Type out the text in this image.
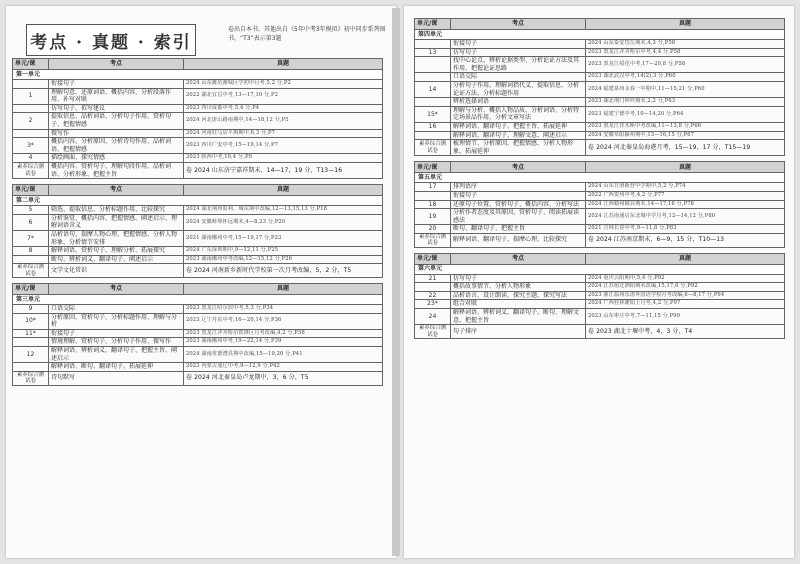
考点 · 真题 · 索引
卷出自本书，其他出自《5年中考3年模拟》初中同步系列图书。“T3”表示第3题
单元/课	考点	真题
第一单元		
	衔接句子	2024 山东潍坊潍城区学初中月考,5,2 分,P2
1	理解句意、还原词语、概括内容、分析段落作用、补写对联	2022 湖北宜昌中考,13—17,10 分,P2
	仿写句子、拟写建议	2023 四川成都中考,5,4 分,P4
2	提取信息、品析词语、分析句子作用、赏析句子、把握情感	2024 河北唐山路南期中,14—18,12 分,P5
	微写作	2024 河南驻马店平舆期中,6,3 分,P7
3*	概括内容、分析原因、分析诗句作用、品析词语、把握情感	2023 四川广安中考,15—19,14 分,P7
4	描绘画面、探究情感	2023 陕西中考,19,4 分,P9
素养综合测试卷	概括内容、赏析句子、理解句段作用、品析词语、分析形象、把握主旨	卷 2024 山东济宁嘉祥期末，14—17，19 分，T13—16

单元/课	考点	真题
第二单元		
5	筛选、提取信息、分析标题作用、比较探究	2024 湖北荆州监利、城东期中改编,12—13,15,13 分,P18
6	分析鉴赏、概括内容、把握情感、阐述启示、理解词语含义	2024 安徽蚌埠怀远期末,4—8,23 分,P20
7*	品析语句、揣摩人物心理、把握情感、分析人物形象、分析情节安排	2021 湖南郴州中考,15—19,17 分,P23
8	解释词语、赏析句子、理解分析、拓展探究	2024 广东深圳期中,9—12,11 分,P25
	断句、辨析词义、翻译句子、阐述启示	2023 湖南郴州中考改编,12—15,12 分,P26
素养综合测试卷	文学文化常识	卷 2024 河南新乡新时代学校第一次月考改编，5，2 分，T5

单元/课	考点	真题
第三单元		
9	口语交际	2023 黑龙江哈尔滨中考,5,3 分,P34
10*	分析原因、赏析句子、分析标题作用、理解与分析	2023 辽宁丹东中考,16—20,14 分,P36
11*	衔接句子	2023 黑龙江齐齐哈尔铁锋区月考改编,4,2 分,P38
	情境理解、赏析句子、分析句子作用、微写作	2023 湖南郴州中考,19—22,14 分,P39
12	解释词语、辨析词义、翻译句子、把握主旨、阐述启示	2024 湖南常德澧县期中改编,15—19,20 分,P41
	解释词语、断句、翻译句子、拓展延伸	2023 内蒙古通辽中考,9—12,9 分,P42
素养综合测试卷	诗句默写	卷 2024 河北秦皇岛卢龙期中，3，6 分，T5
单元/课	考点	真题
第四单元		
	衔接句子	2024 山东泰安岱岳期末,4,3 分,P58
13	仿写句子	2023 黑龙江齐齐哈尔中考,4,4 分,P58
	找中心论点、辨析论据类型、分析论证方法及其作用、把握论证思路	2023 黑龙江绥化中考,17—20,8 分,P58
	口语交际	2023 湖北武汉中考,14(2),3 分,P60
14	分析句子作用、理解词指代义、提取信息、分析论证方法、分析标题作用	2024 福建泉州永春一中期中,11—15,21 分,P60
	辨析选择词语	2023 湖北荆门钟祥期末,2,2 分,P63
15*	理解与分析、概括人物品质、分析词语、分析特定场景品作用、分析文章写法	2023 福建宁德中考,10—14,20 分,P64
16	解释词语、翻译句子、把握主旨、拓展延伸	2023 黑龙江佳木斯中考改编,11—13,8 分,P66
	解释词语、翻译句子、理解文意、阐述启示	2024 安徽阜阳颍州期中,13—16,15 分,P67
素养综合测试卷	梳理情节、分析原因、把握情感、分析人物形象、拓展延伸	卷 2024 河北秦皇岛海港月考，15—19，17 分，T15—19

单元/课	考点	真题
第五单元		
17	排列语序	2024 山东日照新营中学期中,5,2 分,P74
	衔接句子	2022 广西贺州中考,4,2 分,P77
18	还原句子位置、赏析句子、概括内容、分析写法	2024 江西赣州赣县期末,14—17,16 分,P78
19	分析作者态度及其原因、赏析句子、阅读拓展读感法	2024 江苏南通启东北城中学月考,12—14,12 分,P80
20	断句、翻译句子、把握主旨	2021 吉林长春中考,9—11,8 分,P83
素养综合测试卷	解释词语、翻译句子、揣摩心理、比较探究	卷 2024 江苏南京期末，6—9，15 分，T10—13

单元/课	考点	真题
第六单元		
21	仿写句子	2024 重庆云阳期中,5,4 分,P92
	概括故事情节、分析人物形象	2024 江苏宿迁泗阳期末改编,15,17,6 分,P92
22	品析语言、设计朗读、探究主题、探究写法	2023 浙江温州乐清外国语学校月考改编,6—8,17 分,P94
23*	组合对联	2024 广西桂林灌阳上月考,4,2 分,P97
24	解释词语、辨析词义、翻译句子、断句、理解文意、把握主旨	2023 山东枣庄中考,7—11,15 分,P99
素养综合测试卷	句子排序	卷 2023 湖北十堰中考，4，3 分，T4
